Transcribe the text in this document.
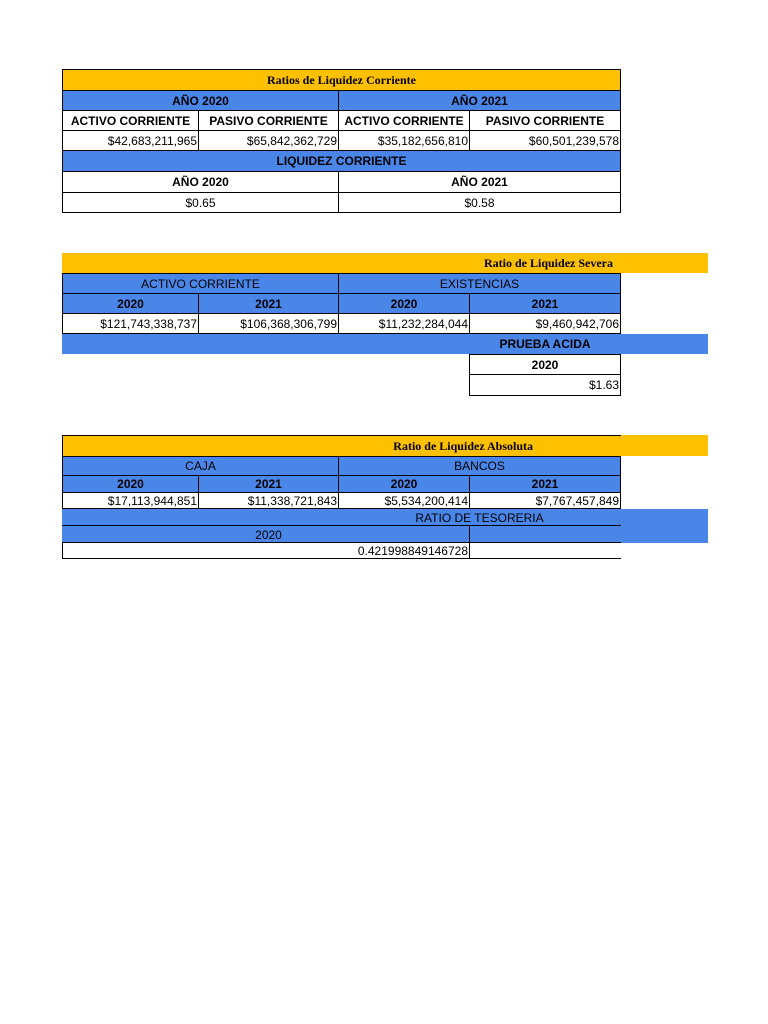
Ratios de Liquidez Corriente
AÑO 2020	AÑO 2021
ACTIVO CORRIENTE	PASIVO CORRIENTE	ACTIVO CORRIENTE	PASIVO CORRIENTE
$42,683,211,965	$65,842,362,729	$35,182,656,810	$60,501,239,578
LIQUIDEZ CORRIENTE
AÑO 2020	AÑO 2021
$0.65	$0.58
Ratio de Liquidez Severa
ACTIVO CORRIENTE	EXISTENCIAS
2020	2021	2020	2021
$121,743,338,737	$106,368,306,799	$11,232,284,044	$9,460,942,706
PRUEBA ACIDA
2020
$1.63
Ratio de Liquidez Absoluta
CAJA	BANCOS
2020	2021	2020	2021
$17,113,944,851	$11,338,721,843	$5,534,200,414	$7,767,457,849
RATIO DE TESORERIA
2020
0.421998849146728
